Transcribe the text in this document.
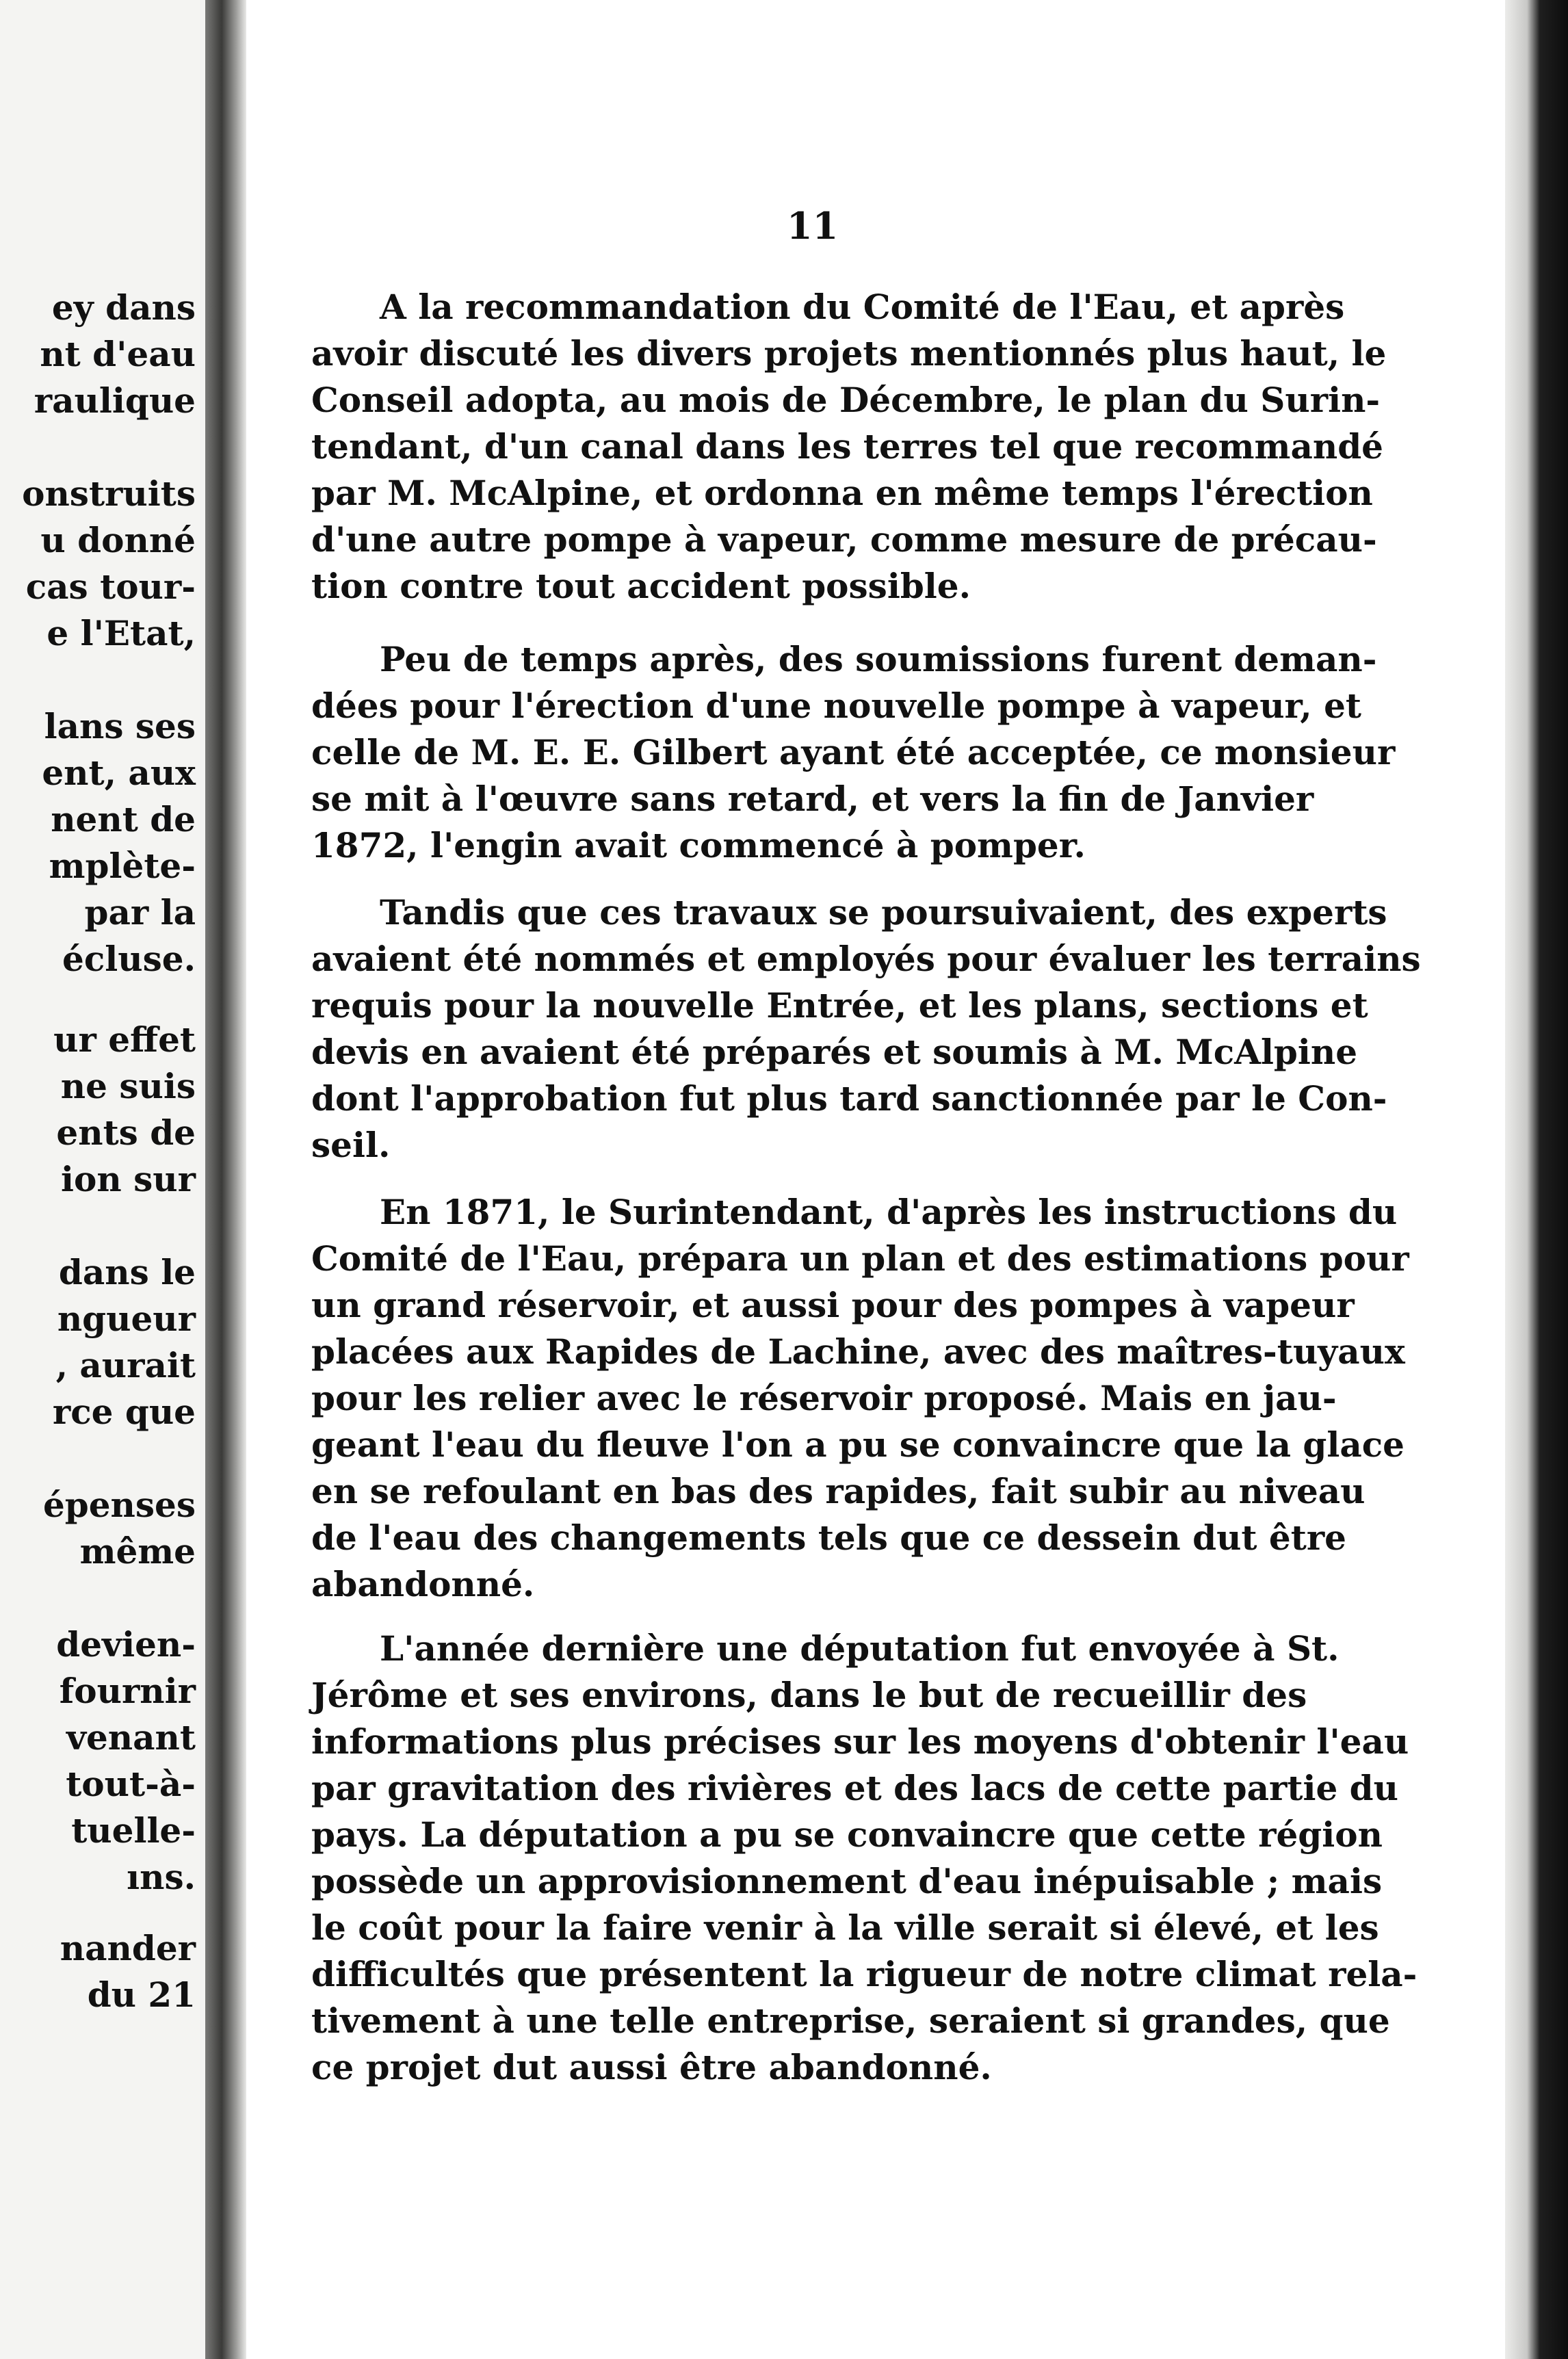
ey dans
nt d'eau
raulique
onstruits
u donné
cas tour-
e l'Etat,
lans ses
ent, aux
nent de
mplète-
par la
écluse.
ur effet
ne suis
ents de
ion sur
dans le
ngueur
, aurait
rce que
épenses
même
devien-
fournir
venant
tout-à-
tuelle-
ıns.
nander
du 21
11
A la recommandation du Comité de l'Eau, et après
avoir discuté les divers projets mentionnés plus haut, le
Conseil adopta, au mois de Décembre, le plan du Surin-
tendant, d'un canal dans les terres tel que recommandé
par M. McAlpine, et ordonna en même temps l'érection
d'une autre pompe à vapeur, comme mesure de précau-
tion contre tout accident possible.
Peu de temps après, des soumissions furent deman-
dées pour l'érection d'une nouvelle pompe à vapeur, et
celle de M. E. E. Gilbert ayant été acceptée, ce monsieur
se mit à l'œuvre sans retard, et vers la fin de Janvier
1872, l'engin avait commencé à pomper.
Tandis que ces travaux se poursuivaient, des experts
avaient été nommés et employés pour évaluer les terrains
requis pour la nouvelle Entrée, et les plans, sections et
devis en avaient été préparés et soumis à M. McAlpine
dont l'approbation fut plus tard sanctionnée par le Con-
seil.
En 1871, le Surintendant, d'après les instructions du
Comité de l'Eau, prépara un plan et des estimations pour
un grand réservoir, et aussi pour des pompes à vapeur
placées aux Rapides de Lachine, avec des maîtres-tuyaux
pour les relier avec le réservoir proposé. Mais en jau-
geant l'eau du fleuve l'on a pu se convaincre que la glace
en se refoulant en bas des rapides, fait subir au niveau
de l'eau des changements tels que ce dessein dut être
abandonné.
L'année dernière une députation fut envoyée à St.
Jérôme et ses environs, dans le but de recueillir des
informations plus précises sur les moyens d'obtenir l'eau
par gravitation des rivières et des lacs de cette partie du
pays. La députation a pu se convaincre que cette région
possède un approvisionnement d'eau inépuisable ; mais
le coût pour la faire venir à la ville serait si élevé, et les
difficultés que présentent la rigueur de notre climat rela-
tivement à une telle entreprise, seraient si grandes, que
ce projet dut aussi être abandonné.
